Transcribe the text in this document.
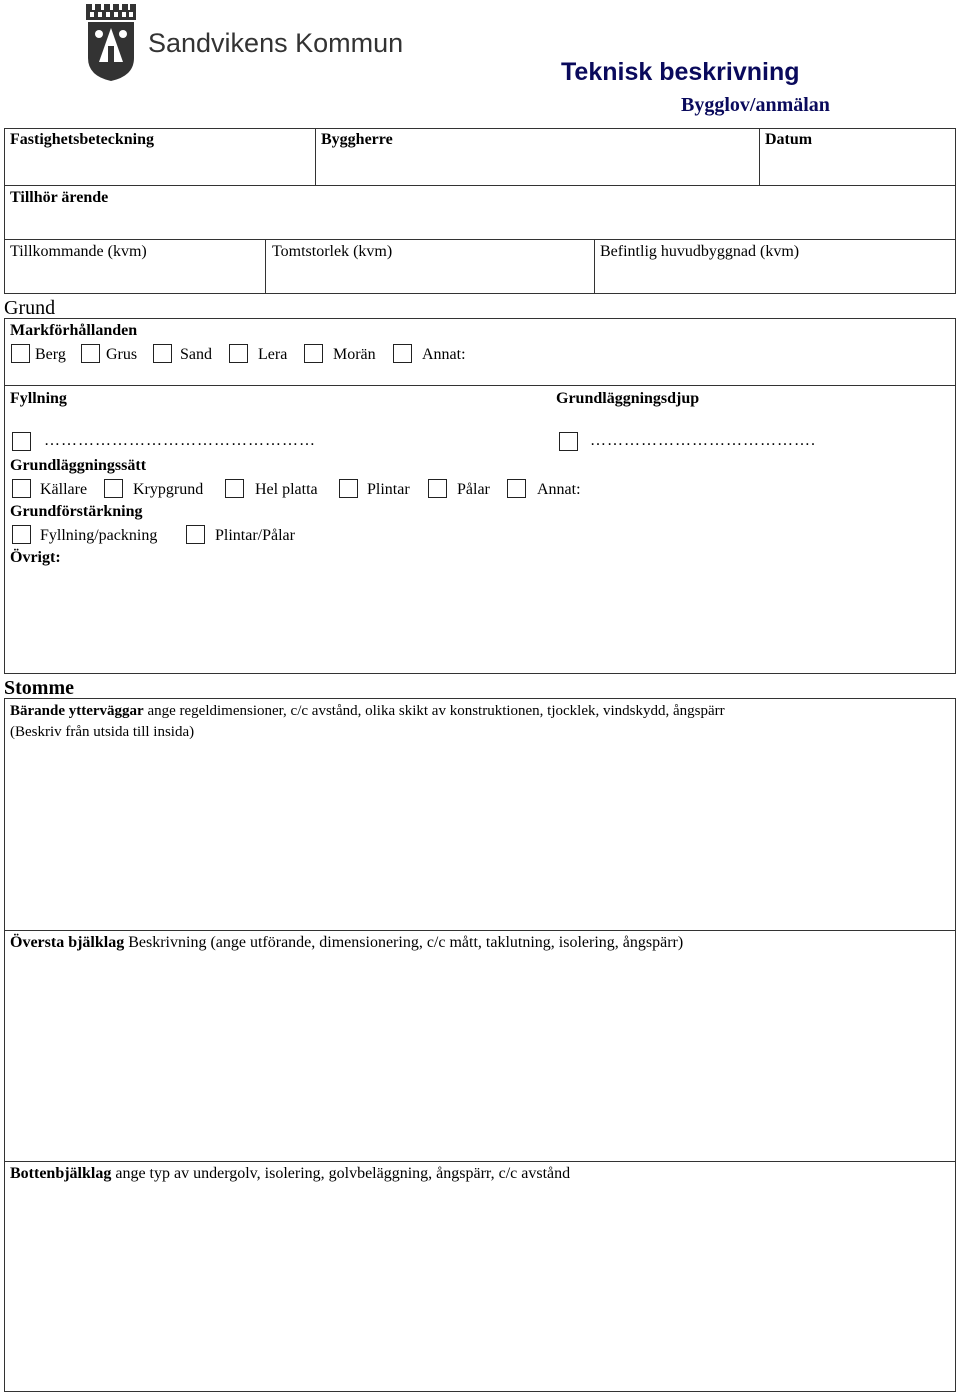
Sandvikens Kommun
Teknisk beskrivning
Bygglov/anmälan
Fastighetsbeteckning	Byggherre	Datum
Tillhör ärende
Tillkommande (kvm)	Tomtstorlek (kvm)	Befintlig huvudbyggnad (kvm)
Grund
Markförhållanden
Berg	Grus	Sand	Lera	Morän	Annat:
Fyllning	Grundläggningsdjup
…………………………………………	………………………………….
Grundläggningssätt
Källare	Krypgrund	Hel platta	Plintar	Pålar	Annat:
Grundförstärkning
Fyllning/packning	Plintar/Pålar
Övrigt:
Stomme
Bärande ytterväggar ange regeldimensioner, c/c avstånd, olika skikt av konstruktionen, tjocklek, vindskydd, ångspärr
(Beskriv från utsida till insida)
Översta bjälklag Beskrivning (ange utförande, dimensionering, c/c mått, taklutning, isolering, ångspärr)
Bottenbjälklag ange typ av undergolv, isolering, golvbeläggning, ångspärr, c/c avstånd
